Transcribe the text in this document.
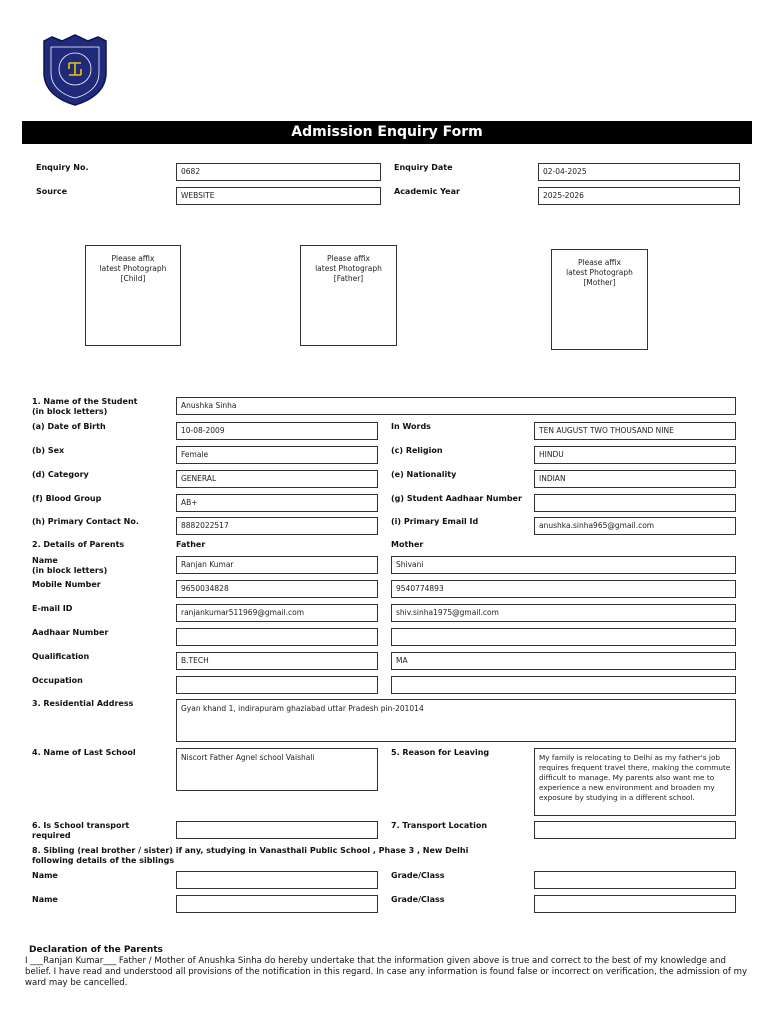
Admission Enquiry Form
Enquiry No.	0682
Source	WEBSITE
Enquiry Date	02-04-2025
Academic Year	2025-2026
Please affix
latest Photograph
[Child]
Please affix
latest Photograph
[Father]
Please affix
latest Photograph
[Mother]
1. Name of the Student
(in block letters)
Anushka Sinha
(a) Date of Birth	10-08-2009	In Words	TEN AUGUST TWO THOUSAND NINE
(b) Sex	Female	(c) Religion	HINDU
(d) Category	GENERAL	(e) Nationality	INDIAN
(f) Blood Group	AB+	(g) Student Aadhaar Number
(h) Primary Contact No.	8882022517	(i) Primary Email Id	anushka.sinha965@gmail.com
2. Details of Parents	Father	Mother
Name
(in block letters)
Ranjan Kumar	Shivani
Mobile Number	9650034828	9540774893
E-mail ID	ranjankumar511969@gmail.com	shiv.sinha1975@gmail.com
Aadhaar Number
Qualification	B.TECH	MA
Occupation
3. Residential Address
Gyan khand 1, indirapuram ghaziabad uttar Pradesh pin-201014
4. Name of Last School
Niscort Father Agnel school Vaishali
5. Reason for Leaving
My family is relocating to Delhi as my father's job requires frequent travel there, making the commute difficult to manage. My parents also want me to experience a new environment and broaden my exposure by studying in a different school.
6. Is School transport
required
7. Transport Location
8. Sibling (real brother / sister) if any, studying in Vanasthali Public School , Phase 3 , New Delhi
following details of the siblings
Name	Grade/Class
Name	Grade/Class
Declaration of the Parents
I ___Ranjan Kumar___ Father / Mother of Anushka Sinha do hereby undertake that the information given above is true and correct to the best of my knowledge and belief. I have read and understood all provisions of the notification in this regard. In case any information is found false or incorrect on verification, the admission of my ward may be cancelled.
